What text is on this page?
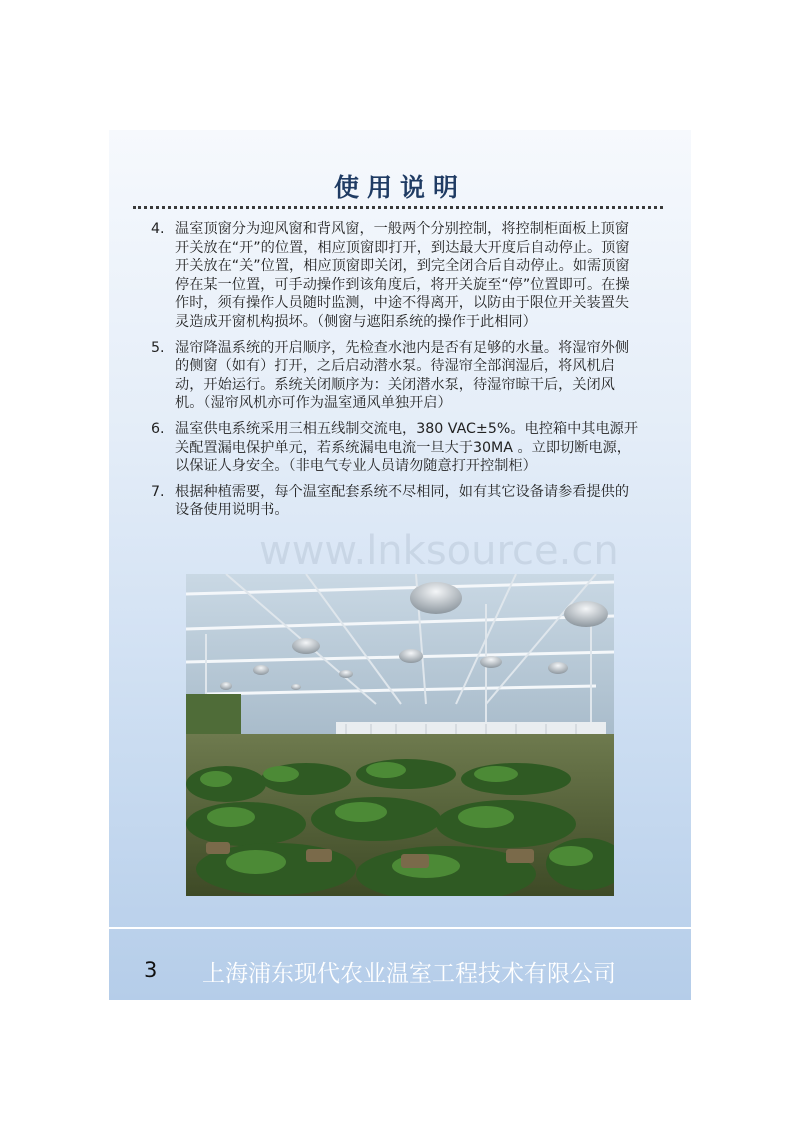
使用说明
4. 温室顶窗分为迎风窗和背风窗，一般两个分别控制，将控制柜面板上顶窗开关放在“开”的位置，相应顶窗即打开，到达最大开度后自动停止。顶窗开关放在“关”位置，相应顶窗即关闭，到完全闭合后自动停止。如需顶窗停在某一位置，可手动操作到该角度后，将开关旋至“停”位置即可。在操作时，须有操作人员随时监测，中途不得离开，以防由于限位开关装置失灵造成开窗机构损坏。（侧窗与遮阳系统的操作于此相同）
5. 湿帘降温系统的开启顺序，先检查水池内是否有足够的水量。将湿帘外侧的侧窗（如有）打开，之后启动潜水泵。待湿帘全部润湿后，将风机启动，开始运行。系统关闭顺序为：关闭潜水泵，待湿帘晾干后，关闭风机。（湿帘风机亦可作为温室通风单独开启）
6. 温室供电系统采用三相五线制交流电，380 VAC±5%。电控箱中其电源开关配置漏电保护单元，若系统漏电电流一旦大于30MA 。立即切断电源，以保证人身安全。（非电气专业人员请勿随意打开控制柜）
7. 根据种植需要，每个温室配套系统不尽相同，如有其它设备请参看提供的设备使用说明书。
www.lnksource.cn
3 上海浦东现代农业温室工程技术有限公司
